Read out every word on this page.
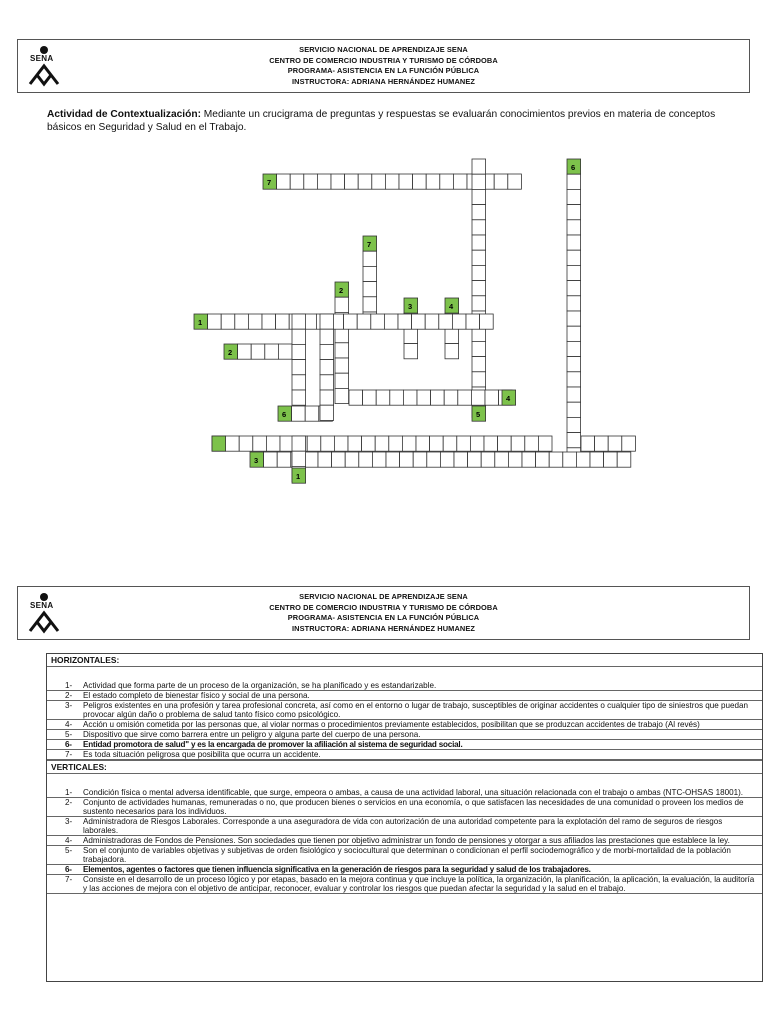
SENA
SERVICIO NACIONAL DE APRENDIZAJE SENA
CENTRO DE COMERCIO INDUSTRIA Y TURISMO DE CÓRDOBA
PROGRAMA- ASISTENCIA EN LA FUNCIÓN PÚBLICA
INSTRUCTORA: ADRIANA HERNÁNDEZ HUMANEZ
Actividad de Contextualización: Mediante un crucigrama de preguntas y respuestas se evaluarán conocimientos previos en materia de conceptos básicos en Seguridad y Salud en el Trabajo.
7
6
7
2
3	4
1
2
4
6	5
3
1
SENA
SERVICIO NACIONAL DE APRENDIZAJE SENA
CENTRO DE COMERCIO INDUSTRIA Y TURISMO DE CÓRDOBA
PROGRAMA- ASISTENCIA EN LA FUNCIÓN PÚBLICA
INSTRUCTORA: ADRIANA HERNÁNDEZ HUMANEZ
HORIZONTALES:
1- Actividad que forma parte de un proceso de la organización, se ha planificado y es estandarizable.
2- El estado completo de bienestar físico y social de una persona.
3- Peligros existentes en una profesión y tarea profesional concreta, así como en el entorno o lugar de trabajo, susceptibles de originar accidentes o cualquier tipo de siniestros que puedan provocar algún daño o problema de salud tanto físico como psicológico.
4- Acción u omisión cometida por las personas que, al violar normas o procedimientos previamente establecidos, posibilitan que se produzcan accidentes de trabajo (Al revés)
5- Dispositivo que sirve como barrera entre un peligro y alguna parte del cuerpo de una persona.
6- Entidad promotora de salud" y es la encargada de promover la afiliación al sistema de seguridad social.
7- Es toda situación peligrosa que posibilita que ocurra un accidente.
VERTICALES:
1- Condición física o mental adversa identificable, que surge, empeora o ambas, a causa de una actividad laboral, una situación relacionada con el trabajo o ambas (NTC-OHSAS 18001).
2- Conjunto de actividades humanas, remuneradas o no, que producen bienes o servicios en una economía, o que satisfacen las necesidades de una comunidad o proveen los medios de sustento necesarios para los individuos.
3- Administradora de Riesgos Laborales. Corresponde a una aseguradora de vida con autorización de una autoridad competente para la explotación del ramo de seguros de riesgos laborales.
4- Administradoras de Fondos de Pensiones. Son sociedades que tienen por objetivo administrar un fondo de pensiones y otorgar a sus afiliados las prestaciones que establece la ley.
5- Son el conjunto de variables objetivas y subjetivas de orden fisiológico y sociocultural que determinan o condicionan el perfil sociodemográfico y de morbi-mortalidad de la población trabajadora.
6- Elementos, agentes o factores que tienen influencia significativa en la generación de riesgos para la seguridad y salud de los trabajadores.
7- Consiste en el desarrollo de un proceso lógico y por etapas, basado en la mejora continua y que incluye la política, la organización, la planificación, la aplicación, la evaluación, la auditoría y las acciones de mejora con el objetivo de anticipar, reconocer, evaluar y controlar los riesgos que puedan afectar la seguridad y la salud en el trabajo.
